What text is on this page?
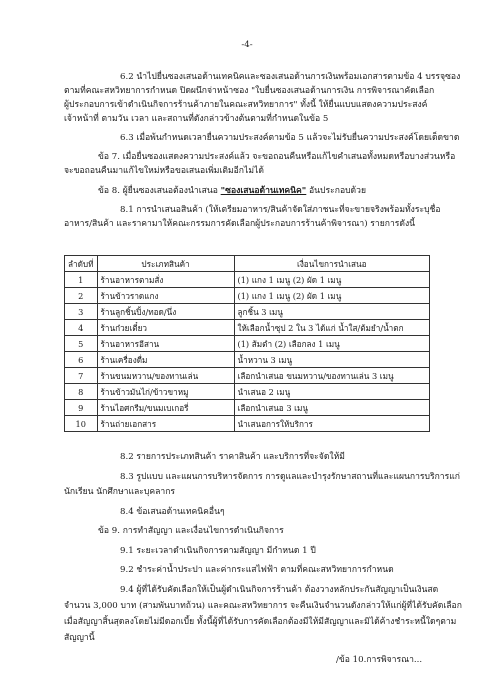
-4-
6.2 นำไปยื่นซองเสนอด้านเทคนิคและซองเสนอด้านการเงินพร้อมเอกสารตามข้อ 4 บรรจุซอง
ตามที่คณะสหวิทยาการกำหนด ปิดผนึกจ่าหน้าซอง "ใบยื่นซองเสนอด้านการเงิน การพิจารณาคัดเลือก
ผู้ประกอบการเข้าดำเนินกิจการร้านค้าภายในคณะสหวิทยาการ" ทั้งนี้ ให้ยื่นแบบแสดงความประสงค์
เจ้าหน้าที่ ตามวัน เวลา และสถานที่ดังกล่าวข้างต้นตามที่กำหนดในข้อ 5
6.3 เมื่อพ้นกำหนดเวลายื่นความประสงค์ตามข้อ 5 แล้วจะไม่รับยื่นความประสงค์โดยเด็ดขาด
ข้อ 7. เมื่อยื่นซองแสดงความประสงค์แล้ว จะขอถอนคืนหรือแก้ไขคำเสนอทั้งหมดหรือบางส่วนหรือ
จะขอถอนคืนมาแก้ไขใหม่หรือขอเสนอเพิ่มเติมอีกไม่ได้
ข้อ 8. ผู้ยื่นซองเสนอต้องนำเสนอ "ซองเสนอด้านเทคนิค" อันประกอบด้วย
8.1 การนำเสนอสินค้า (ให้เตรียมอาหาร/สินค้าจัดใส่ภาชนะที่จะขายจริงพร้อมทั้งระบุชื่อ
อาหาร/สินค้า และราคามาให้คณะกรรมการคัดเลือกผู้ประกอบการร้านค้าพิจารณา) รายการดังนี้
ลำดับที่	ประเภทสินค้า	เงื่อนไขการนำเสนอ
1	ร้านอาหารตามสั่ง	(1) แกง 1 เมนู (2) ผัด 1 เมนู
2	ร้านข้าวราดแกง	(1) แกง 1 เมนู (2) ผัด 1 เมนู
3	ร้านลูกชิ้นปิ้ง/ทอด/นึ่ง	ลูกชิ้น 3 เมนู
4	ร้านก๋วยเตี๋ยว	ให้เลือกน้ำซุป 2 ใน 3 ได้แก่ น้ำใส/ต้มยำ/น้ำตก
5	ร้านอาหารอีสาน	(1) ส้มตำ (2) เลือกลง 1 เมนู
6	ร้านเครื่องดื่ม	น้ำหวาน 3 เมนู
7	ร้านขนมหวาน/ของทานเล่น	เลือกนำเสนอ ขนมหวาน/ของทานเล่น 3 เมนู
8	ร้านข้าวมันไก่/ข้าวขาหมู	นำเสนอ 2 เมนู
9	ร้านไอศกรีม/ขนมเบเกอรี่	เลือกนำเสนอ 3 เมนู
10	ร้านถ่ายเอกสาร	นำเสนอการให้บริการ
8.2 รายการประเภทสินค้า ราคาสินค้า และบริการที่จะจัดให้มี
8.3 รูปแบบ และแผนการบริหารจัดการ การดูแลและบำรุงรักษาสถานที่และแผนการบริการแก่
นักเรียน นักศึกษาและบุคลากร
8.4 ข้อเสนอด้านเทคนิคอื่นๆ
ข้อ 9. การทำสัญญา และเงื่อนไขการดำเนินกิจการ
9.1 ระยะเวลาดำเนินกิจการตามสัญญา มีกำหนด 1 ปี
9.2 ชำระค่าน้ำประปา และค่ากระแสไฟฟ้า ตามที่คณะสหวิทยาการกำหนด
9.4 ผู้ที่ได้รับคัดเลือกให้เป็นผู้ดำเนินกิจการร้านค้า ต้องวางหลักประกันสัญญาเป็นเงินสด
จำนวน 3,000 บาท (สามพันบาทถ้วน) และคณะสหวิทยาการ จะคืนเงินจำนวนดังกล่าวให้แก่ผู้ที่ได้รับคัดเลือก
เมื่อสัญญาสิ้นสุดลงโดยไม่มีดอกเบี้ย ทั้งนี้ผู้ที่ได้รับการคัดเลือกต้องมีให้มีสัญญาและมิได้ค้างชำระหนี้ใดๆตาม
สัญญานี้
/ข้อ 10.การพิจารณา...
